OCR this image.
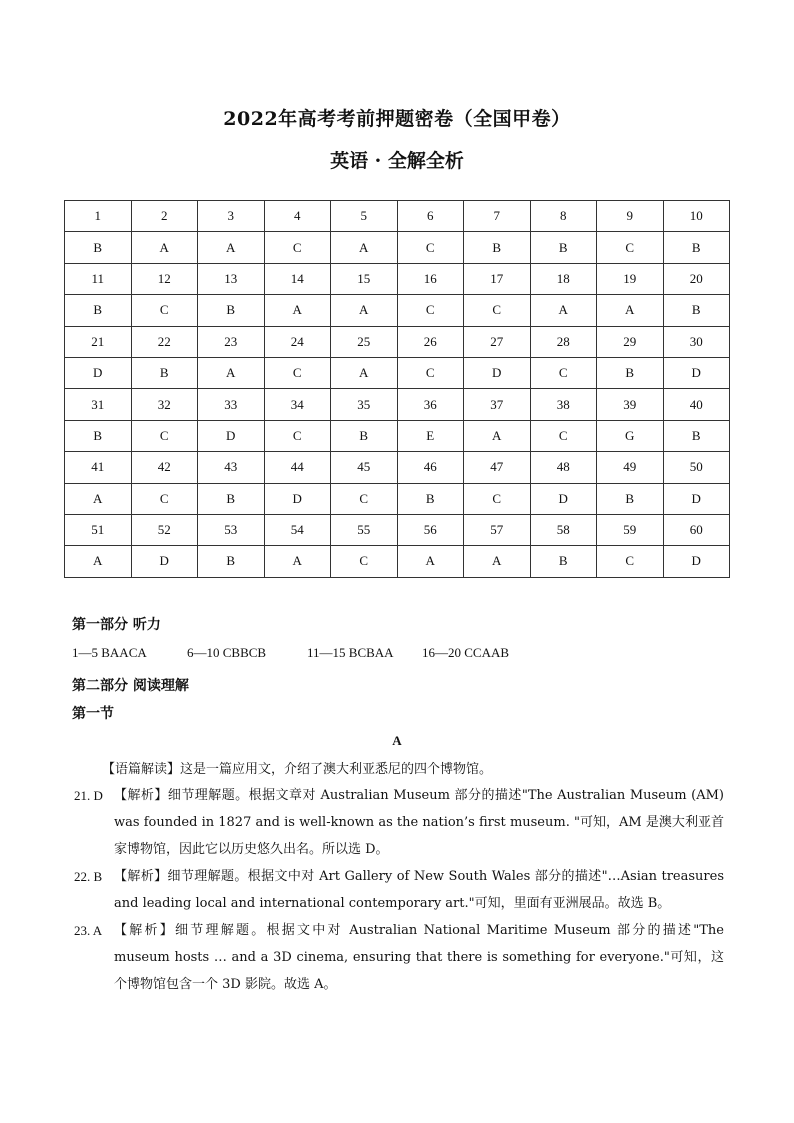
2022年高考考前押题密卷（全国甲卷）
英语 · 全解全析
1	2	3	4	5	6	7	8	9	10
B	A	A	C	A	C	B	B	C	B
11	12	13	14	15	16	17	18	19	20
B	C	B	A	A	C	C	A	A	B
21	22	23	24	25	26	27	28	29	30
D	B	A	C	A	C	D	C	B	D
31	32	33	34	35	36	37	38	39	40
B	C	D	C	B	E	A	C	G	B
41	42	43	44	45	46	47	48	49	50
A	C	B	D	C	B	C	D	B	D
51	52	53	54	55	56	57	58	59	60
A	D	B	A	C	A	A	B	C	D
第一部分 听力
1—5 BAACA	6—10 CBBCB	11—15 BCBAA 16—20 CCAAB
第二部分 阅读理解
第一节
A
【语篇解读】这是一篇应用文，介绍了澳大利亚悉尼的四个博物馆。
21. D 【解析】细节理解题。根据文章对 Australian Museum 部分的描述"The Australian Museum (AM) was founded in 1827 and is well-known as the nation’s first museum. "可知，AM 是澳大利亚首家博物馆，因此它以历史悠久出名。所以选 D。
22. B 【解析】细节理解题。根据文中对 Art Gallery of New South Wales 部分的描述"…Asian treasures and leading local and international contemporary art."可知，里面有亚洲展品。故选 B。
23. A 【解析】细节理解题。根据文中对 Australian National Maritime Museum 部分的描述"The museum hosts … and a 3D cinema, ensuring that there is something for everyone."可知，这个博物馆包含一个 3D 影院。故选 A。
